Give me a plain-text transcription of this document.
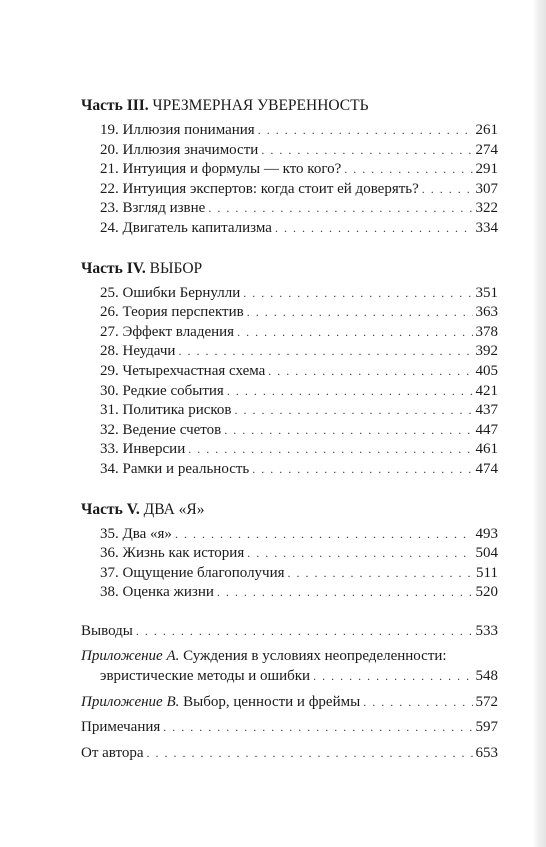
Часть III. ЧРЕЗМЕРНАЯ УВЕРЕННОСТЬ
19. Иллюзия понимания . . .	261
20. Иллюзия значимости . . .	274
21. Интуиция и формулы — кто кого? . . .	291
22. Интуиция экспертов: когда стоит ей доверять? . . .	307
23. Взгляд извне . . .	322
24. Двигатель капитализма . . .	334
Часть IV. ВЫБОР
25. Ошибки Бернулли . . .	351
26. Теория перспектив . . .	363
27. Эффект владения . . .	378
28. Неудачи . . .	392
29. Четырехчастная схема . . .	405
30. Редкие события . . .	421
31. Политика рисков . . .	437
32. Ведение счетов . . .	447
33. Инверсии . . .	461
34. Рамки и реальность . . .	474
Часть V. ДВА «Я»
35. Два «я» . . .	493
36. Жизнь как история . . .	504
37. Ощущение благополучия . . .	511
38. Оценка жизни . . .	520
Выводы . . .	533
Приложение А. Суждения в условиях неопределенности:
эвристические методы и ошибки . . .	548
Приложение B. Выбор, ценности и фреймы . . .	572
Примечания . . .	597
От автора . . .	653
